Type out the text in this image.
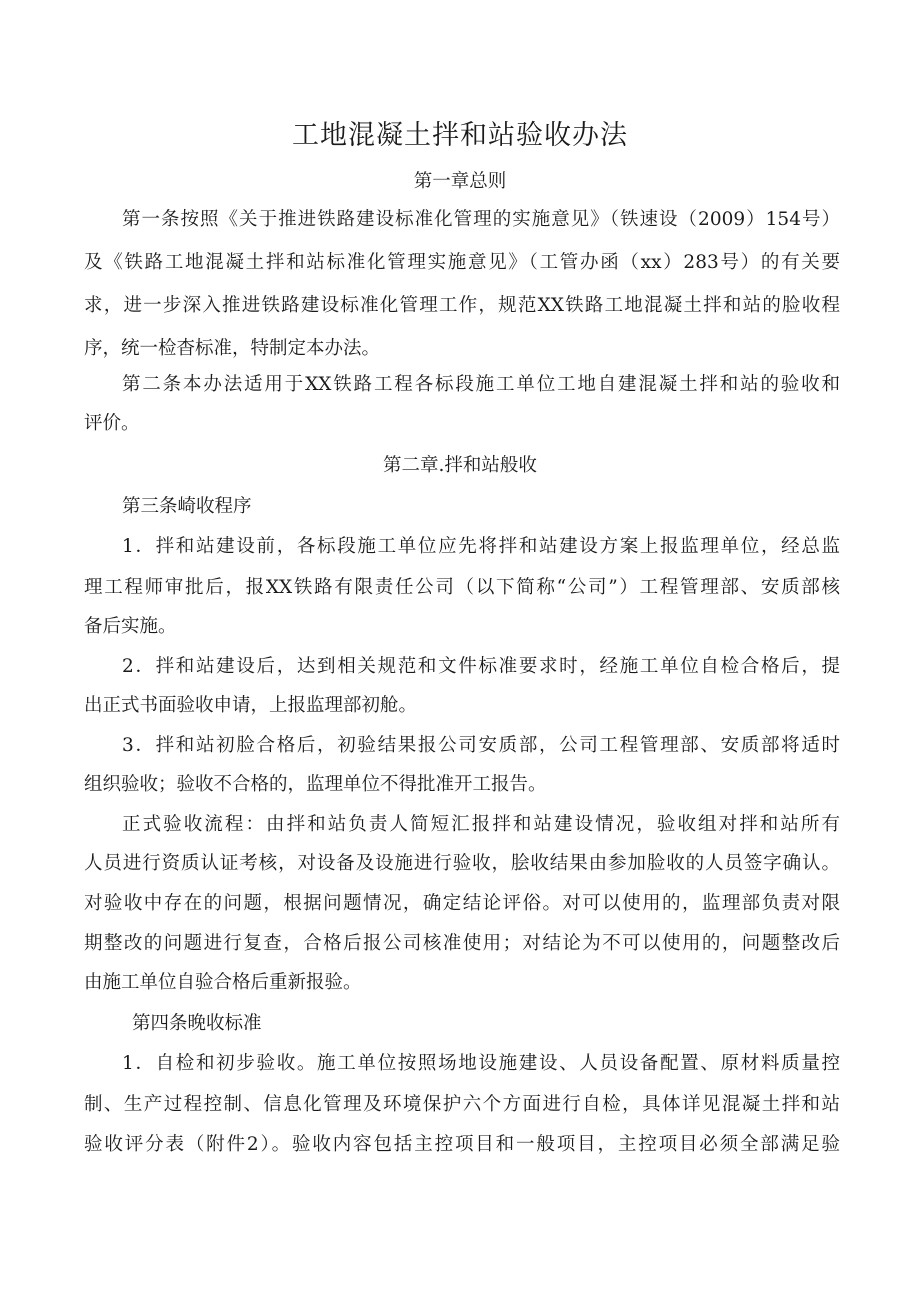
工地混凝土拌和站验收办法
第一章总则
第一条按照《关于推进铁路建设标准化管理的实施意见》（铁速设（2009）154号）
及《铁路工地混凝土拌和站标准化管理实施意见》（工管办函（xx）283号）的有关要
求，进一步深入推进铁路建设标准化管理工作，规范XX铁路工地混凝土拌和站的脸收程
序，统一检杳标准，特制定本办法。
第二条本办法适用于XX铁路工程各标段施工单位工地自建混凝土拌和站的验收和
评价。
第二章.拌和站般收
第三条崎收程序
1．拌和站建设前，各标段施工单位应先将拌和站建设方案上报监理单位，经总监
理工程师审批后，报XX铁路有限责任公司（以下简称“公司”）工程管理部、安质部核
备后实施。
2．拌和站建设后，达到相关规范和文件标准要求时，经施工单位自检合格后，提
出正式书面验收申请，上报监理部初舱。
3．拌和站初脸合格后，初验结果报公司安质部，公司工程管理部、安质部将适时
组织验收；验收不合格的，监理单位不得批准开工报告。
正式验收流程：由拌和站负责人简短汇报拌和站建设情况，验收组对拌和站所有
人员进行资质认证考核，对设备及设施进行验收，脍收结果由参加脸收的人员签字确认。
对验收中存在的问题，根据问题情况，确定结论评俗。对可以使用的，监理部负责对限
期整改的问题进行复查，合格后报公司核准使用；对结论为不可以使用的，问题整改后
由施工单位自验合格后重新报验。
第四条晚收标准
1．自检和初步验收。施工单位按照场地设施建设、人员设备配置、原材料质量控
制、生产过程控制、信息化管理及环境保护六个方面进行自检，具体详见混凝土拌和站
验收评分表（附件2）。验收内容包括主控项目和一般项目，主控项目必须全部满足验
